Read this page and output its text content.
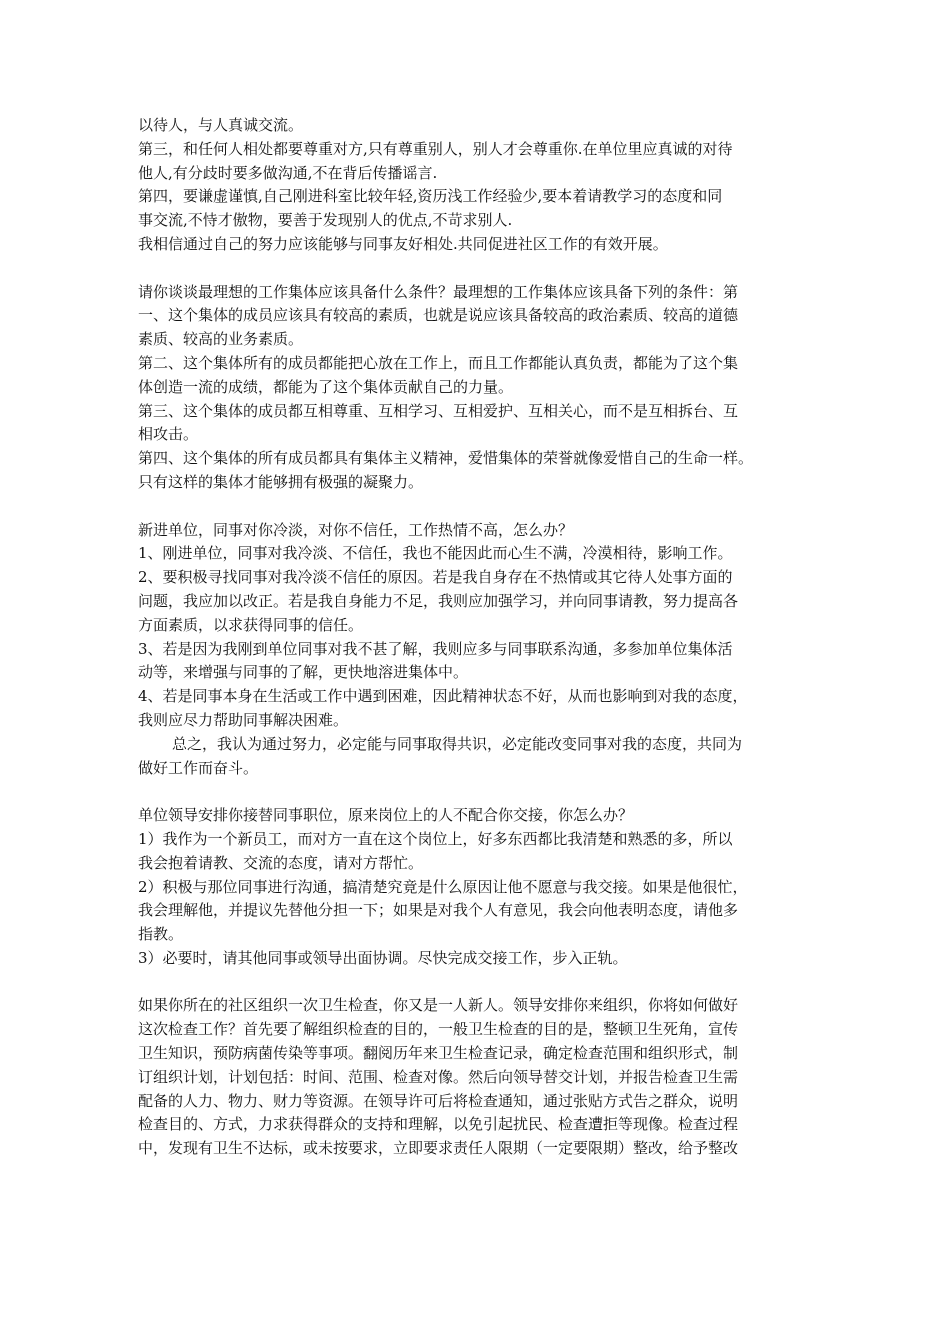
以待人，与人真诚交流。
第三，和任何人相处都要尊重对方,只有尊重别人，别人才会尊重你.在单位里应真诚的对待
他人,有分歧时要多做沟通,不在背后传播谣言.
第四，要谦虚谨慎,自己刚进科室比较年轻,资历浅工作经验少,要本着请教学习的态度和同
事交流,不恃才傲物，要善于发现别人的优点,不苛求别人.
我相信通过自己的努力应该能够与同事友好相处.共同促进社区工作的有效开展。
请你谈谈最理想的工作集体应该具备什么条件？最理想的工作集体应该具备下列的条件：第
一、这个集体的成员应该具有较高的素质，也就是说应该具备较高的政治素质、较高的道德
素质、较高的业务素质。
第二、这个集体所有的成员都能把心放在工作上，而且工作都能认真负责，都能为了这个集
体创造一流的成绩，都能为了这个集体贡献自己的力量。
第三、这个集体的成员都互相尊重、互相学习、互相爱护、互相关心，而不是互相拆台、互
相攻击。
第四、这个集体的所有成员都具有集体主义精神，爱惜集体的荣誉就像爱惜自己的生命一样。
只有这样的集体才能够拥有极强的凝聚力。
新进单位，同事对你冷淡，对你不信任，工作热情不高，怎么办？
1、刚进单位，同事对我冷淡、不信任，我也不能因此而心生不满，冷漠相待，影响工作。
2、要积极寻找同事对我冷淡不信任的原因。若是我自身存在不热情或其它待人处事方面的
问题，我应加以改正。若是我自身能力不足，我则应加强学习，并向同事请教，努力提高各
方面素质，以求获得同事的信任。
3、若是因为我刚到单位同事对我不甚了解，我则应多与同事联系沟通，多参加单位集体活
动等，来增强与同事的了解，更快地溶进集体中。
4、若是同事本身在生活或工作中遇到困难，因此精神状态不好，从而也影响到对我的态度，
我则应尽力帮助同事解决困难。
总之，我认为通过努力，必定能与同事取得共识，必定能改变同事对我的态度，共同为
做好工作而奋斗。
单位领导安排你接替同事职位，原来岗位上的人不配合你交接，你怎么办？
1）我作为一个新员工，而对方一直在这个岗位上，好多东西都比我清楚和熟悉的多，所以
我会抱着请教、交流的态度，请对方帮忙。
2）积极与那位同事进行沟通，搞清楚究竟是什么原因让他不愿意与我交接。如果是他很忙，
我会理解他，并提议先替他分担一下；如果是对我个人有意见，我会向他表明态度，请他多
指教。
3）必要时，请其他同事或领导出面协调。尽快完成交接工作，步入正轨。
如果你所在的社区组织一次卫生检查，你又是一人新人。领导安排你来组织，你将如何做好
这次检查工作？首先要了解组织检查的目的，一般卫生检查的目的是，整顿卫生死角，宣传
卫生知识，预防病菌传染等事项。翻阅历年来卫生检查记录，确定检查范围和组织形式，制
订组织计划，计划包括：时间、范围、检查对像。然后向领导替交计划，并报告检查卫生需
配备的人力、物力、财力等资源。在领导许可后将检查通知，通过张贴方式告之群众，说明
检查目的、方式，力求获得群众的支持和理解，以免引起扰民、检查遭拒等现像。检查过程
中，发现有卫生不达标，或未按要求，立即要求责任人限期（一定要限期）整改，给予整改
